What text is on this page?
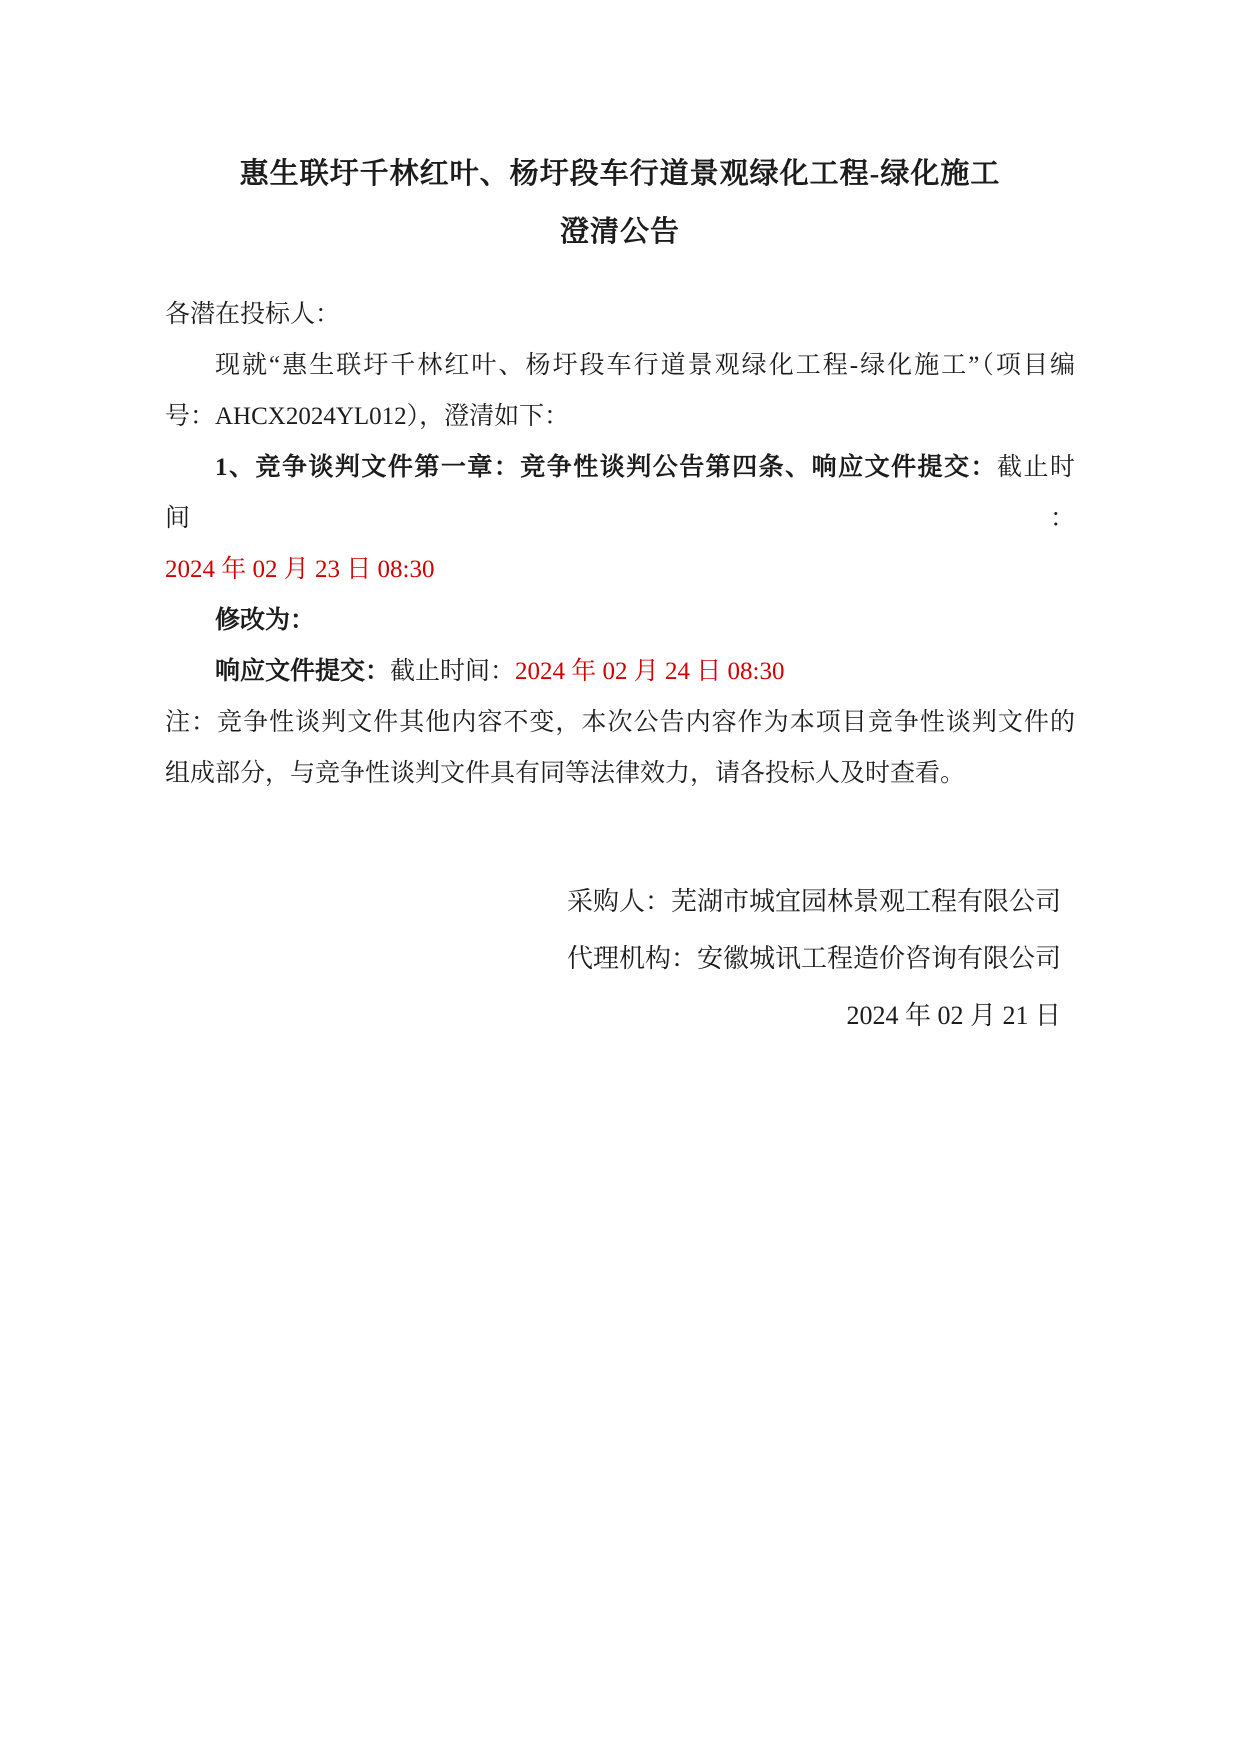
惠生联圩千林红叶、杨圩段车行道景观绿化工程-绿化施工
澄清公告

各潜在投标人：

现就“惠生联圩千林红叶、杨圩段车行道景观绿化工程-绿化施工”（项目编

号：AHCX2024YL012），澄清如下：

1、竞争谈判文件第一章：竞争性谈判公告第四条、响应文件提交：截止时间：

2024 年 02 月 23 日 08:30

修改为：

响应文件提交：截止时间：2024 年 02 月 24 日 08:30

注：竞争性谈判文件其他内容不变，本次公告内容作为本项目竞争性谈判文件的

组成部分，与竞争性谈判文件具有同等法律效力，请各投标人及时查看。

采购人：芜湖市城宜园林景观工程有限公司

代理机构：安徽城讯工程造价咨询有限公司

2024 年 02 月 21 日
